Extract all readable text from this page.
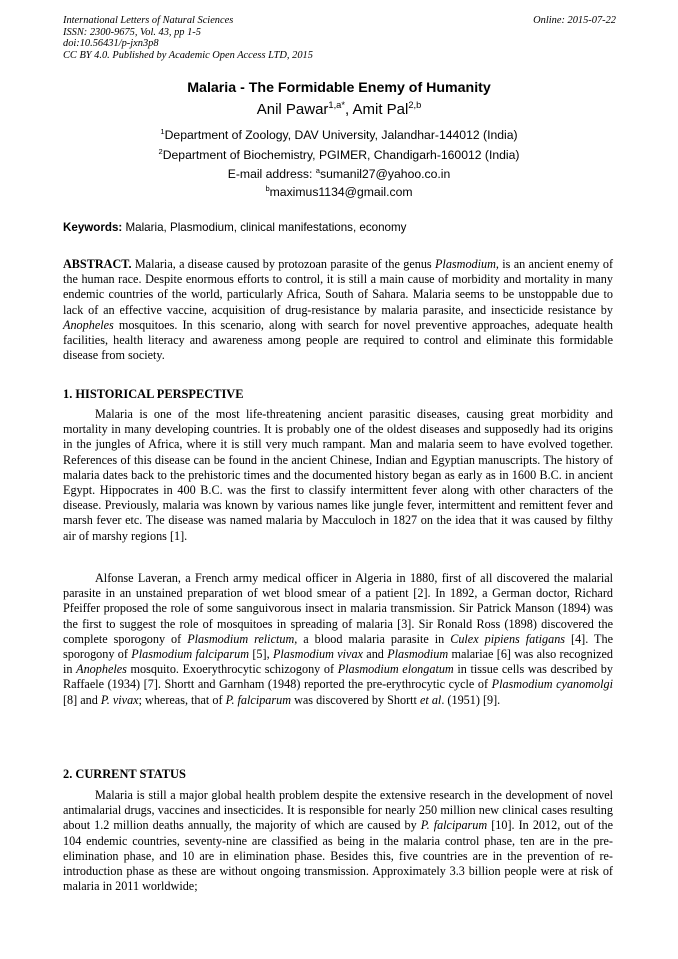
International Letters of Natural Sciences
ISSN: 2300-9675, Vol. 43, pp 1-5
doi:10.56431/p-jxn3p8
CC BY 4.0. Published by Academic Open Access LTD, 2015
Online: 2015-07-22
Malaria - The Formidable Enemy of Humanity
Anil Pawar$^{1,a*}$, Amit Pal$^{2,b}$
$^1$Department of Zoology, DAV University, Jalandhar-144012 (India)
$^2$Department of Biochemistry, PGIMER, Chandigarh-160012 (India)
E-mail address: $^a$sumanil27@yahoo.co.in
$^b$maximus1134@gmail.com
Keywords: Malaria, Plasmodium, clinical manifestations, economy

ABSTRACT. Malaria, a disease caused by protozoan parasite of the genus Plasmodium, is an ancient enemy of the human race. Despite enormous efforts to control, it is still a main cause of morbidity and mortality in many endemic countries of the world, particularly Africa, South of Sahara. Malaria seems to be unstoppable due to lack of an effective vaccine, acquisition of drug-resistance by malaria parasite, and insecticide resistance by Anopheles mosquitoes. In this scenario, along with search for novel preventive approaches, adequate health facilities, health literacy and awareness among people are required to control and eliminate this formidable disease from society.

1. HISTORICAL PERSPECTIVE

Malaria is one of the most life-threatening ancient parasitic diseases, causing great morbidity and mortality in many developing countries. It is probably one of the oldest diseases and supposedly had its origins in the jungles of Africa, where it is still very much rampant. Man and malaria seem to have evolved together. References of this disease can be found in the ancient Chinese, Indian and Egyptian manuscripts. The history of malaria dates back to the prehistoric times and the documented history began as early as in 1600 B.C. in ancient Egypt. Hippocrates in 400 B.C. was the first to classify intermittent fever along with other characters of the disease. Previously, malaria was known by various names like jungle fever, intermittent and remittent fever and marsh fever etc. The disease was named malaria by Macculoch in 1827 on the idea that it was caused by filthy air of marshy regions [1].

Alfonse Laveran, a French army medical officer in Algeria in 1880, first of all discovered the malarial parasite in an unstained preparation of wet blood smear of a patient [2]. In 1892, a German doctor, Richard Pfeiffer proposed the role of some sanguivorous insect in malaria transmission. Sir Patrick Manson (1894) was the first to suggest the role of mosquitoes in spreading of malaria [3]. Sir Ronald Ross (1898) discovered the complete sporogony of Plasmodium relictum, a blood malaria parasite in Culex pipiens fatigans [4]. The sporogony of Plasmodium falciparum [5], Plasmodium vivax and Plasmodium malariae [6] was also recognized in Anopheles mosquito. Exoerythrocytic schizogony of Plasmodium elongatum in tissue cells was described by Raffaele (1934) [7]. Shortt and Garnham (1948) reported the pre-erythrocytic cycle of Plasmodium cyanomolgi [8] and P. vivax; whereas, that of P. falciparum was discovered by Shortt et al. (1951) [9].

2. CURRENT STATUS

Malaria is still a major global health problem despite the extensive research in the development of novel antimalarial drugs, vaccines and insecticides. It is responsible for nearly 250 million new clinical cases resulting about 1.2 million deaths annually, the majority of which are caused by P. falciparum [10]. In 2012, out of the 104 endemic countries, seventy-nine are classified as being in the malaria control phase, ten are in the pre-elimination phase, and 10 are in elimination phase. Besides this, five countries are in the prevention of re-introduction phase as these are without ongoing transmission. Approximately 3.3 billion people were at risk of malaria in 2011 worldwide;
